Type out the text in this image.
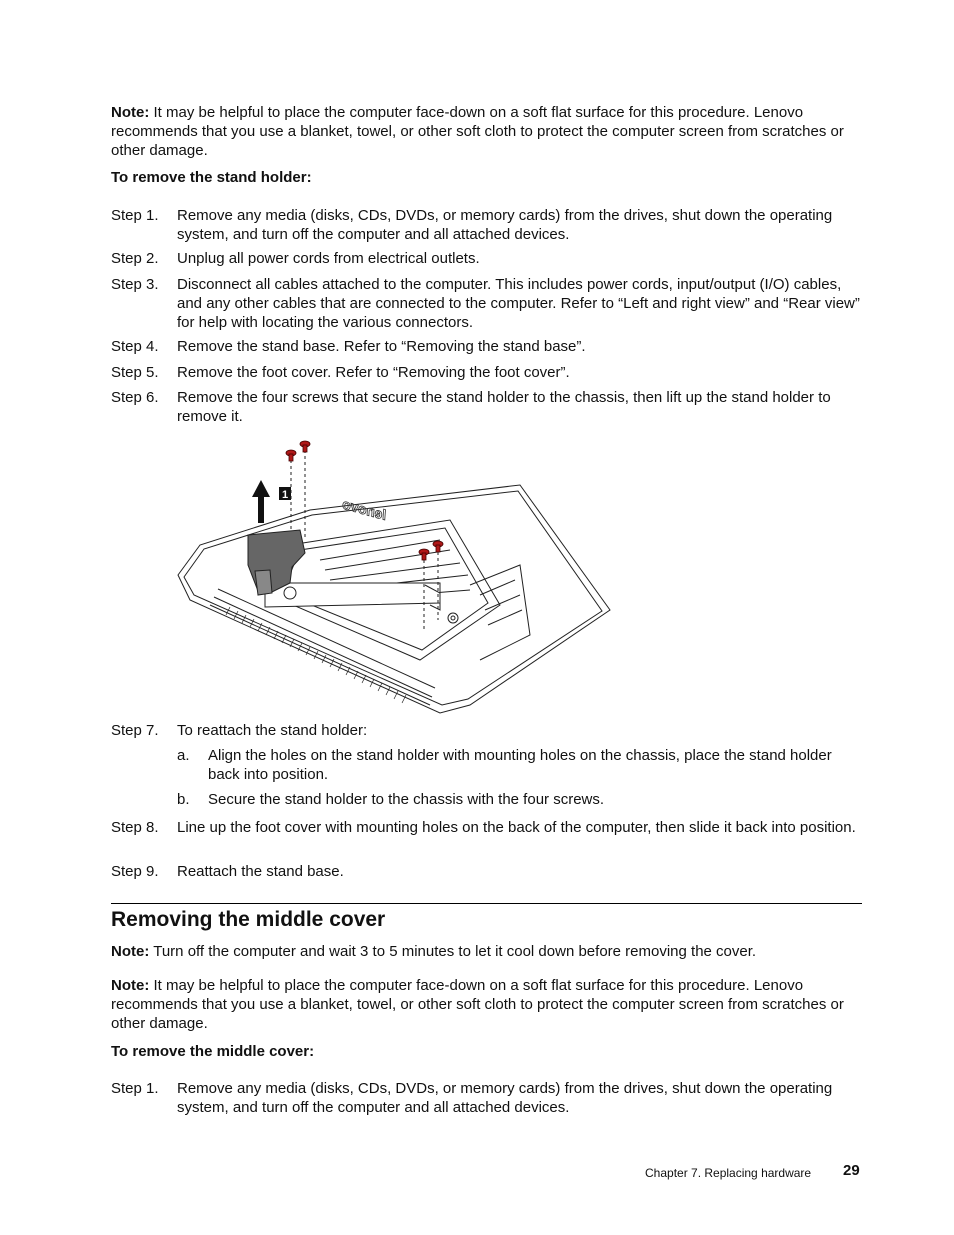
Note: It may be helpful to place the computer face-down on a soft flat surface for this procedure. Lenovo recommends that you use a blanket, towel, or other soft cloth to protect the computer screen from scratches or other damage.

To remove the stand holder:
Step 1. Remove any media (disks, CDs, DVDs, or memory cards) from the drives, shut down the operating system, and turn off the computer and all attached devices.
Step 2. Unplug all power cords from electrical outlets.
Step 3. Disconnect all cables attached to the computer. This includes power cords, input/output (I/O) cables, and any other cables that are connected to the computer. Refer to “Left and right view” and “Rear view” for help with locating the various connectors.
Step 4. Remove the stand base. Refer to “Removing the stand base”.
Step 5. Remove the foot cover. Refer to “Removing the foot cover”.
Step 6. Remove the four screws that secure the stand holder to the chassis, then lift up the stand holder to remove it.
lenovo
1
Step 7. To reattach the stand holder:
a. Align the holes on the stand holder with mounting holes on the chassis, place the stand holder back into position.
b. Secure the stand holder to the chassis with the four screws.
Step 8. Line up the foot cover with mounting holes on the back of the computer, then slide it back into position.
Step 9. Reattach the stand base.
Removing the middle cover

Note: Turn off the computer and wait 3 to 5 minutes to let it cool down before removing the cover.

Note: It may be helpful to place the computer face-down on a soft flat surface for this procedure. Lenovo recommends that you use a blanket, towel, or other soft cloth to protect the computer screen from scratches or other damage.

To remove the middle cover:
Step 1. Remove any media (disks, CDs, DVDs, or memory cards) from the drives, shut down the operating system, and turn off the computer and all attached devices.
Chapter 7. Replacing hardware 29
